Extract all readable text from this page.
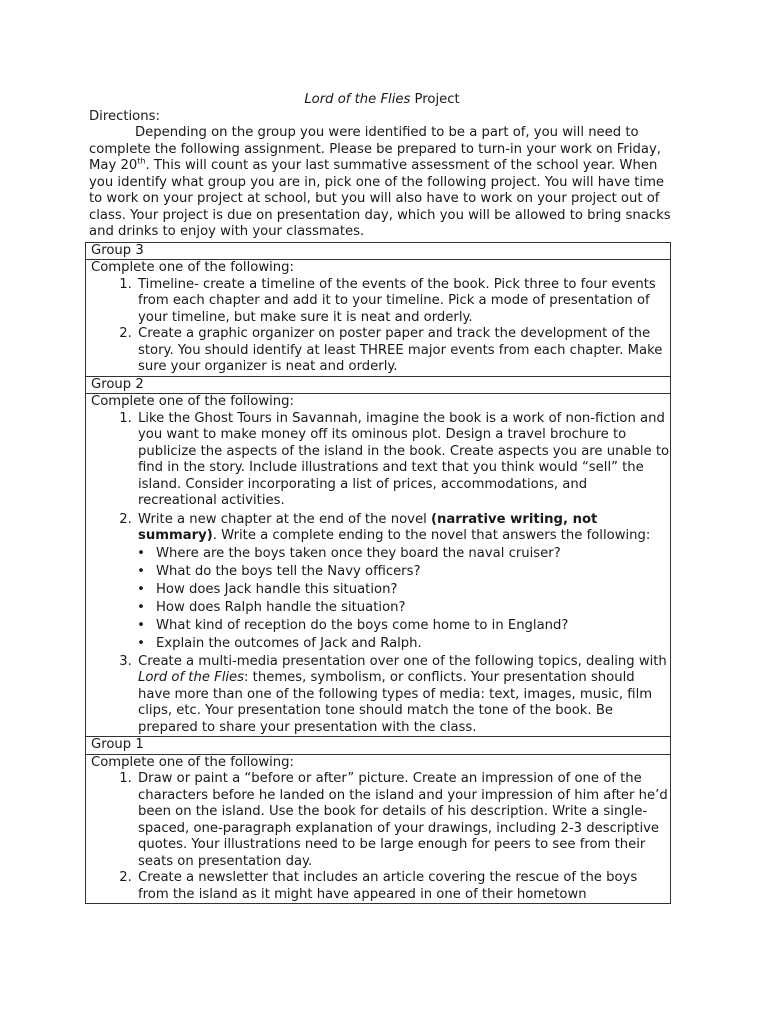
Lord of the Flies Project

Directions:

Depending on the group you were identified to be a part of, you will need to complete the following assignment. Please be prepared to turn-in your work on Friday, May 20th. This will count as your last summative assessment of the school year. When you identify what group you are in, pick one of the following project. You will have time to work on your project at school, but you will also have to work on your project out of class. Your project is due on presentation day, which you will be allowed to bring snacks and drinks to enjoy with your classmates.

Group 3

Complete one of the following:

1. Timeline- create a timeline of the events of the book. Pick three to four events from each chapter and add it to your timeline. Pick a mode of presentation of your timeline, but make sure it is neat and orderly.
2. Create a graphic organizer on poster paper and track the development of the story. You should identify at least THREE major events from each chapter. Make sure your organizer is neat and orderly.

Group 2

Complete one of the following:

1. Like the Ghost Tours in Savannah, imagine the book is a work of non-fiction and you want to make money off its ominous plot. Design a travel brochure to publicize the aspects of the island in the book. Create aspects you are unable to find in the story. Include illustrations and text that you think would “sell” the island. Consider incorporating a list of prices, accommodations, and recreational activities.
2. Write a new chapter at the end of the novel (narrative writing, not summary). Write a complete ending to the novel that answers the following:
• Where are the boys taken once they board the naval cruiser?
• What do the boys tell the Navy officers?
• How does Jack handle this situation?
• How does Ralph handle the situation?
• What kind of reception do the boys come home to in England?
• Explain the outcomes of Jack and Ralph.
3. Create a multi-media presentation over one of the following topics, dealing with Lord of the Flies: themes, symbolism, or conflicts. Your presentation should have more than one of the following types of media: text, images, music, film clips, etc. Your presentation tone should match the tone of the book. Be prepared to share your presentation with the class.

Group 1

Complete one of the following:

1. Draw or paint a “before or after” picture. Create an impression of one of the characters before he landed on the island and your impression of him after he’d been on the island. Use the book for details of his description. Write a single-spaced, one-paragraph explanation of your drawings, including 2-3 descriptive quotes. Your illustrations need to be large enough for peers to see from their seats on presentation day.
2. Create a newsletter that includes an article covering the rescue of the boys from the island as it might have appeared in one of their hometown
